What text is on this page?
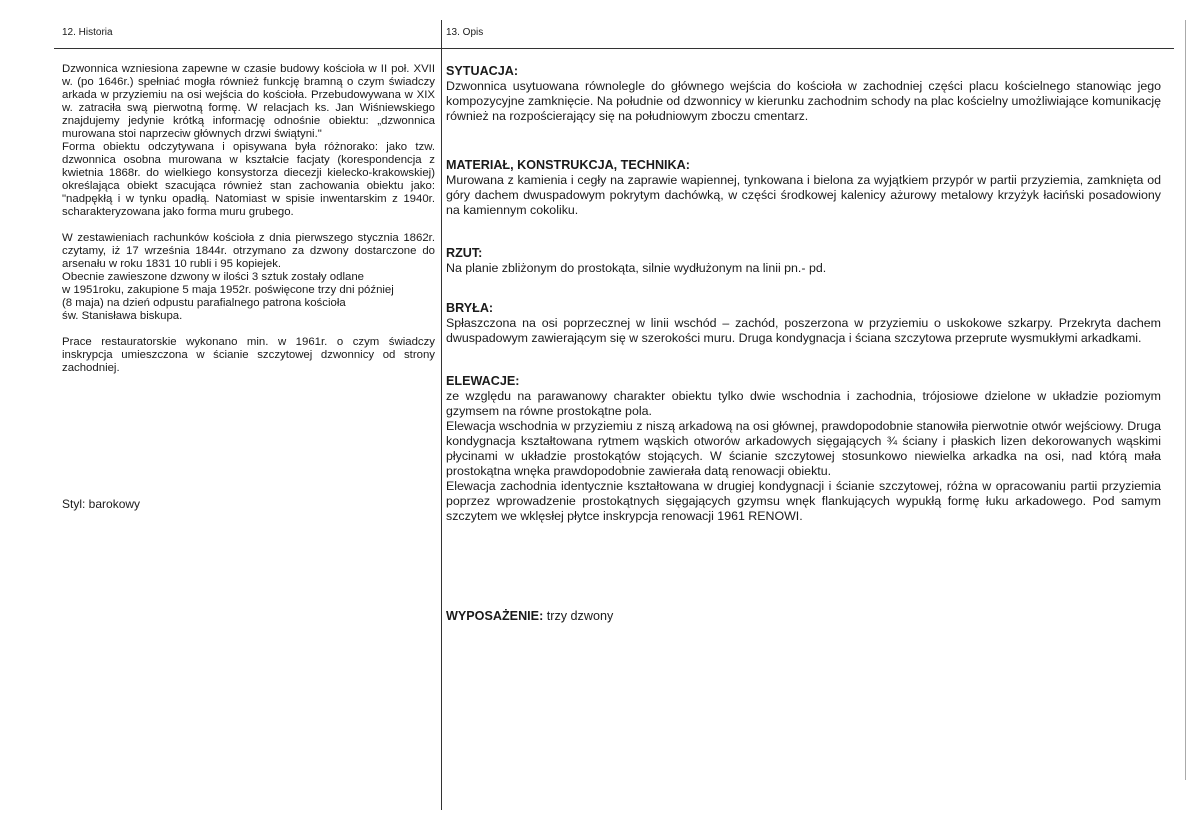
12. Historia	13. Opis

Dzwonnica wzniesiona zapewne w czasie budowy kościoła w II poł. XVII w. (po 1646r.) spełniać mogła również funkcję bramną o czym świadczy arkada w przyziemiu na osi wejścia do kościoła. Przebudowywana w XIX w. zatraciła swą pierwotną formę. W relacjach ks. Jan Wiśniewskiego znajdujemy jedynie krótką informację odnośnie obiektu: „dzwonnica murowana stoi naprzeciw głównych drzwi świątyni."

Forma obiektu odczytywana i opisywana była różnorako: jako tzw. dzwonnica osobna murowana w kształcie facjaty (korespondencja z kwietnia 1868r. do wielkiego konsystorza diecezji kielecko-krakowskiej) określająca obiekt szacująca również stan zachowania obiektu jako: "nadpękłą i w tynku opadłą. Natomiast w spisie inwentarskim z 1940r. scharakteryzowana jako forma muru grubego.

W zestawieniach rachunków kościoła z dnia pierwszego stycznia 1862r. czytamy, iż 17 września 1844r. otrzymano za dzwony dostarczone do arsenału w roku 1831 10 rubli i 95 kopiejek.

Obecnie zawieszone dzwony w ilości 3 sztuk zostały odlane

w 1951roku, zakupione 5 maja 1952r. poświęcone trzy dni później

(8 maja) na dzień odpustu parafialnego patrona kościoła

św. Stanisława biskupa.

Prace restauratorskie wykonano min. w 1961r. o czym świadczy inskrypcja umieszczona w ścianie szczytowej dzwonnicy od strony zachodniej.

Styl: barokowy

SYTUACJA:

Dzwonnica usytuowana równolegle do głównego wejścia do kościoła w zachodniej części placu kościelnego stanowiąc jego kompozycyjne zamknięcie. Na południe od dzwonnicy w kierunku zachodnim schody na plac kościelny umożliwiające komunikację również na rozpościerający się na południowym zboczu cmentarz.

MATERIAŁ, KONSTRUKCJA, TECHNIKA:

Murowana z kamienia i cegły na zaprawie wapiennej, tynkowana i bielona za wyjątkiem przypór w partii przyziemia, zamknięta od góry dachem dwuspadowym pokrytym dachówką, w części środkowej kalenicy ażurowy metalowy krzyżyk łaciński posadowiony na kamiennym cokoliku.

RZUT:

Na planie zbliżonym do prostokąta, silnie wydłużonym na linii pn.- pd.

BRYŁA:

Spłaszczona na osi poprzecznej w linii wschód – zachód, poszerzona w przyziemiu o uskokowe szkarpy. Przekryta dachem dwuspadowym zawierającym się w szerokości muru. Druga kondygnacja i ściana szczytowa przeprute wysmukłymi arkadkami.

ELEWACJE:

ze względu na parawanowy charakter obiektu tylko dwie wschodnia i zachodnia, trójosiowe dzielone w układzie poziomym gzymsem na równe prostokątne pola.

Elewacja wschodnia w przyziemiu z niszą arkadową na osi głównej, prawdopodobnie stanowiła pierwotnie otwór wejściowy. Druga kondygnacja kształtowana rytmem wąskich otworów arkadowych sięgających ¾ ściany i płaskich lizen dekorowanych wąskimi płycinami w układzie prostokątów stojących. W ścianie szczytowej stosunkowo niewielka arkadka na osi, nad którą mała prostokątna wnęka prawdopodobnie zawierała datą renowacji obiektu.

Elewacja zachodnia identycznie kształtowana w drugiej kondygnacji i ścianie szczytowej, różna w opracowaniu partii przyziemia poprzez wprowadzenie prostokątnych sięgających gzymsu wnęk flankujących wypukłą formę łuku arkadowego. Pod samym szczytem we wklęsłej płytce inskrypcja renowacji 1961 RENOWI.

WYPOSAŻENIE: trzy dzwony
